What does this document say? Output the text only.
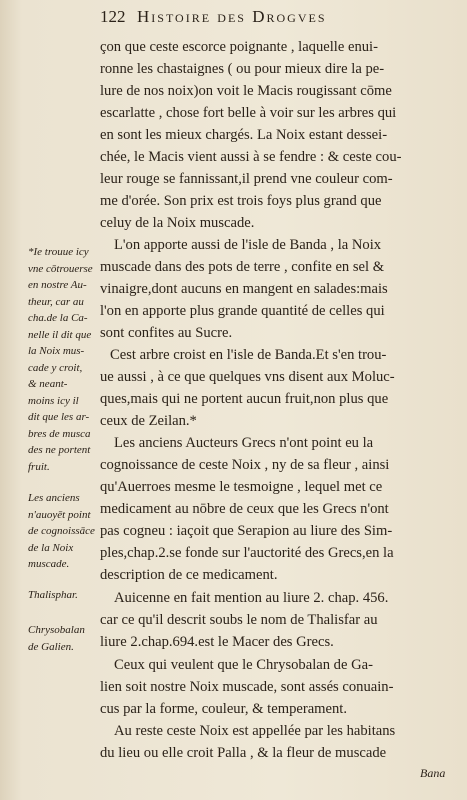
122 Histoire des Drogves
çon que ceste escorce poignante , laquelle enui-
ronne les chastaignes ( ou pour mieux dire la pe-
lure de nos noix)on voit le Macis rougissant cōme
escarlatte , chose fort belle à voir sur les arbres qui
en sont les mieux chargés. La Noix estant dessei-
chée, le Macis vient aussi à se fendre : & ceste cou-
leur rouge se fannissant,il prend vne couleur com-
me d'orée. Son prix est trois foys plus grand que
celuy de la Noix muscade.
L'on apporte aussi de l'isle de Banda , la Noix
muscade dans des pots de terre , confite en sel &
vinaigre,dont aucuns en mangent en salades:mais
l'on en apporte plus grande quantité de celles qui
sont confites au Sucre.
Cest arbre croist en l'isle de Banda.Et s'en trou-
ue aussi , à ce que quelques vns disent aux Moluc-
ques,mais qui ne portent aucun fruit,non plus que
ceux de Zeilan.*
Les anciens Aucteurs Grecs n'ont point eu la
cognoissance de ceste Noix , ny de sa fleur , ainsi
qu'Auerroes mesme le tesmoigne , lequel met ce
medicament au nōbre de ceux que les Grecs n'ont
pas cogneu : iaçoit que Serapion au liure des Sim-
ples,chap.2.se fonde sur l'auctorité des Grecs,en la
description de ce medicament.
Auicenne en fait mention au liure 2. chap. 456.
car ce qu'il descrit soubs le nom de Thalisfar au
liure 2.chap.694.est le Macer des Grecs.
Ceux qui veulent que le Chrysobalan de Ga-
lien soit nostre Noix muscade, sont assés conuain-
cus par la forme, couleur, & temperament.
Au reste ceste Noix est appellée par les habitans
du lieu ou elle croit Palla , & la fleur de muscade
*Ie trouue icy
vne cōtrouerse
en nostre Au-
theur, car au
cha.de la Ca-
nelle il dit que
la Noix mus-
cade y croit,
& neant-
moins icy il
dit que les ar-
bres de musca
des ne portent
fruit.
Les anciens
n'auoyēt point
de cognoissāce
de la Noix
muscade.
Thalisphar.
Chrysobalan
de Galien.
Bana
